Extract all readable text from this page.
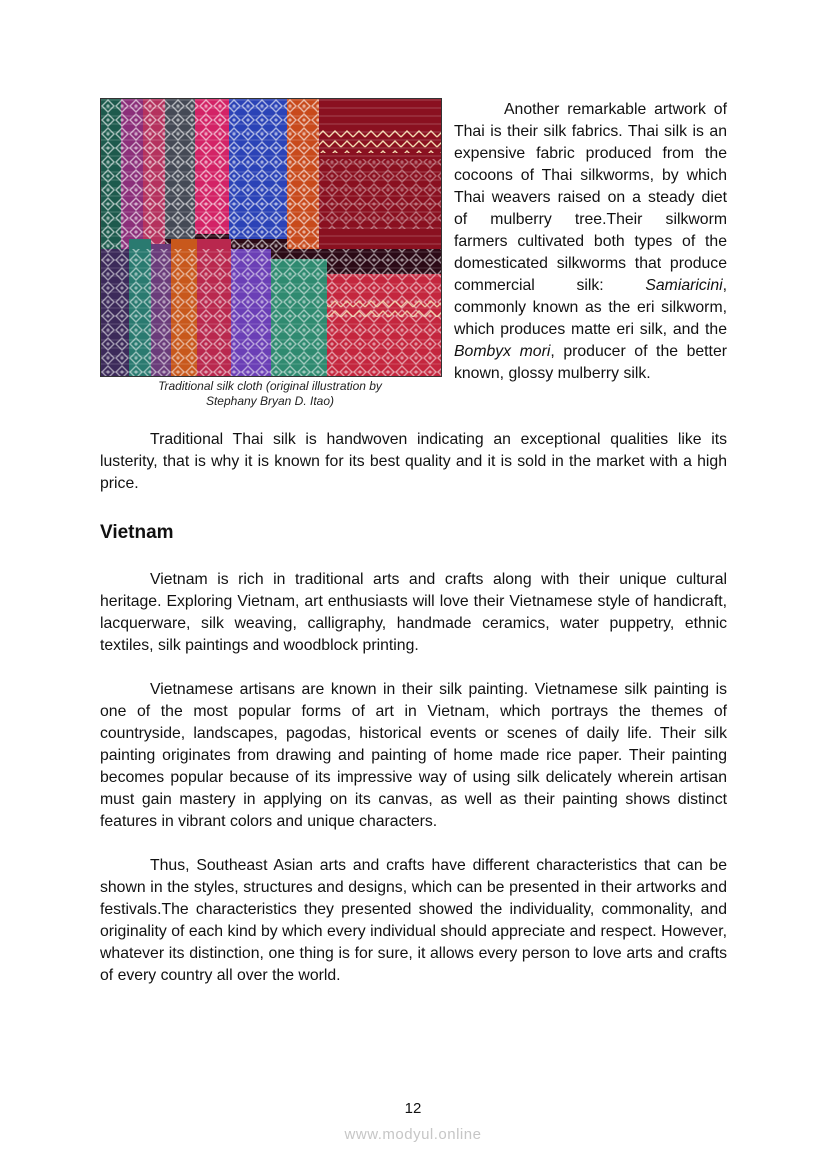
Traditional silk cloth (original illustration by
Stephany Bryan D. Itao)
Another remarkable artwork of Thai is their silk fabrics. Thai silk is an expensive fabric produced from the cocoons of Thai silkworms, by which Thai weavers raised on a steady diet of mulberry tree.Their silkworm farmers cultivated both types of the domesticated silkworms that produce commercial silk: Samiaricini, commonly known as the eri silkworm, which produces matte eri silk, and the Bombyx mori, producer of the better known, glossy mulberry silk.

Traditional Thai silk is handwoven indicating an exceptional qualities like its lusterity, that is why it is known for its best quality and it is sold in the market with a high price.

Vietnam

Vietnam is rich in traditional arts and crafts along with their unique cultural heritage. Exploring Vietnam, art enthusiasts will love their Vietnamese style of handicraft, lacquerware, silk weaving, calligraphy, handmade ceramics, water puppetry, ethnic textiles, silk paintings and woodblock printing.

Vietnamese artisans are known in their silk painting. Vietnamese silk painting is one of the most popular forms of art in Vietnam, which portrays the themes of countryside, landscapes, pagodas, historical events or scenes of daily life. Their silk painting originates from drawing and painting of home made rice paper. Their painting becomes popular because of its impressive way of using silk delicately wherein artisan must gain mastery in applying on its canvas, as well as their painting shows distinct features in vibrant colors and unique characters.

Thus, Southeast Asian arts and crafts have different characteristics that can be shown in the styles, structures and designs, which can be presented in their artworks and festivals.The characteristics they presented showed the individuality, commonality, and originality of each kind by which every individual should appreciate and respect. However, whatever its distinction, one thing is for sure, it allows every person to love arts and crafts of every country all over the world.

12
www.modyul.online
